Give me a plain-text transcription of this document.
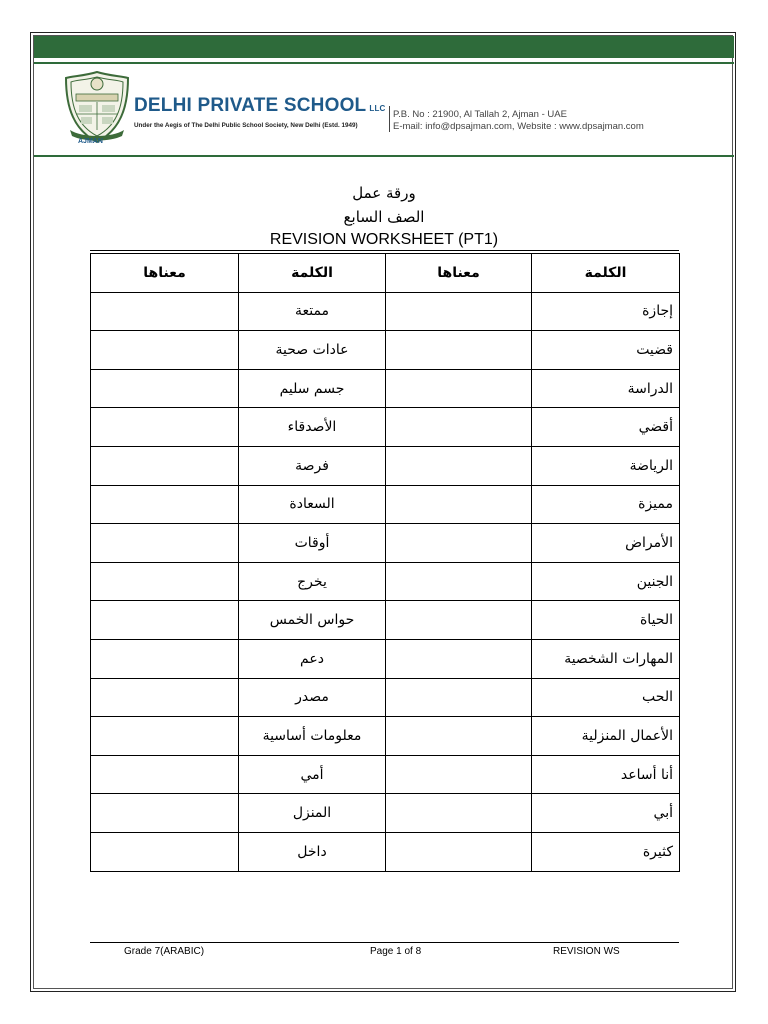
AJMAN
DELHI PRIVATE SCHOOL LLC
Under the Aegis of The Delhi Public School Society, New Delhi (Estd. 1949)
P.B. No : 21900, Al Tallah 2, Ajman - UAE
E-mail: info@dpsajman.com, Website : www.dpsajman.com
ورقة عمل
الصف السابع
REVISION WORKSHEET (PT1)
الكلمة	معناها	الكلمة	معناها
إجازة		ممتعة	
قضيت		عادات صحية	
الدراسة		جسم سليم	
أقضي		الأصدقاء	
الرياضة		فرصة	
مميزة		السعادة	
الأمراض		أوقات	
الجنين		يخرج	
الحياة		حواس الخمس	
المهارات الشخصية		دعم	
الحب		مصدر	
الأعمال المنزلية		معلومات أساسية	
أنا أساعد		أمي	
أبي		المنزل	
كثيرة		داخل	
Grade 7(ARABIC)	Page 1 of 8	REVISION WS
